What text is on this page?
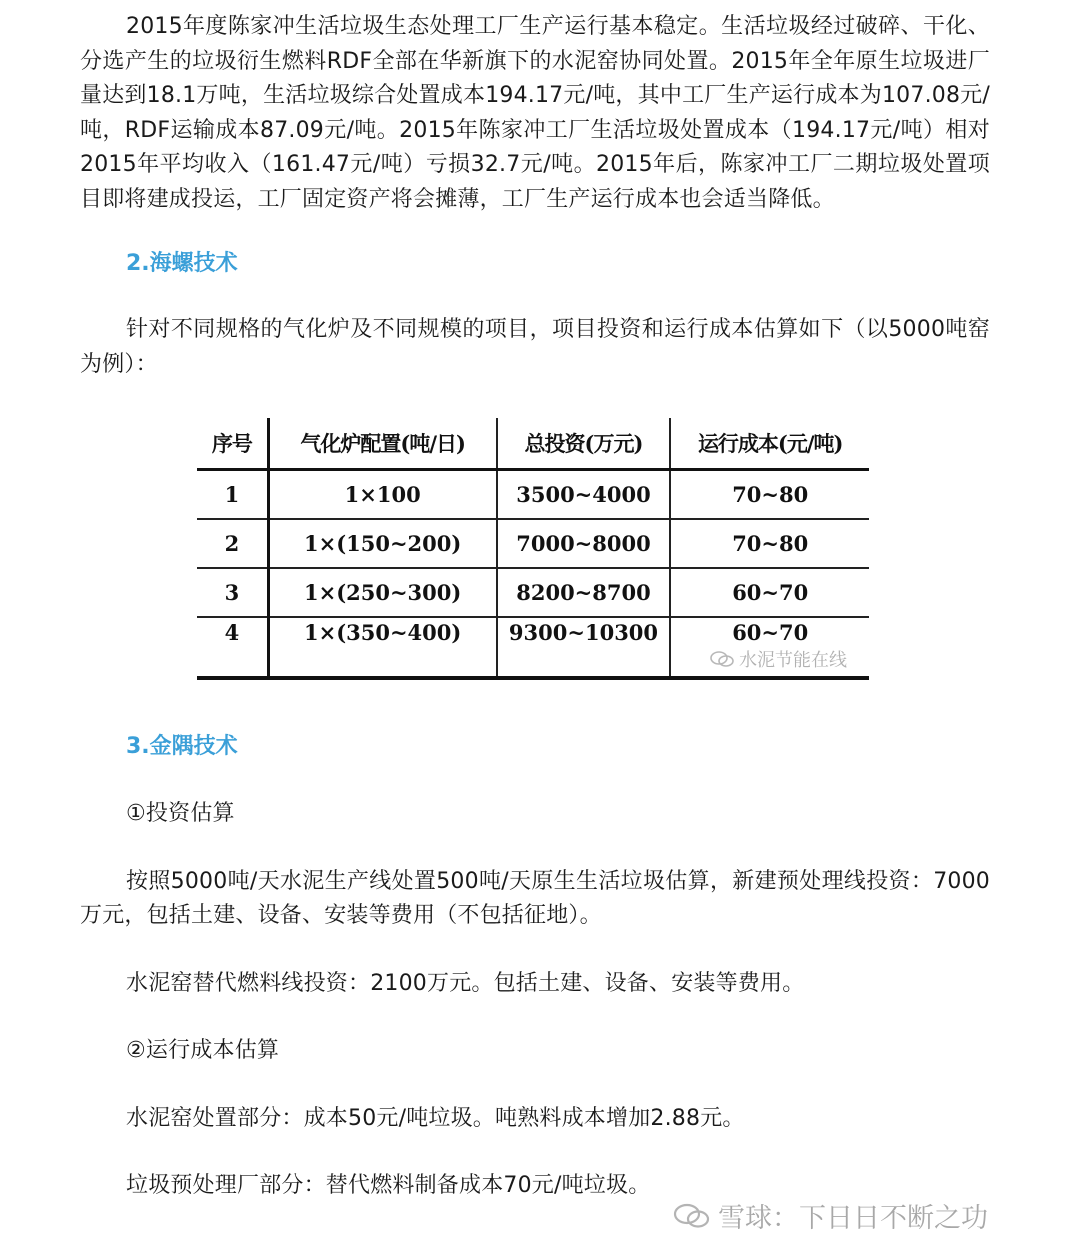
2015年度陈家冲生活垃圾生态处理工厂生产运行基本稳定。生活垃圾经过破碎、干化、分选产生的垃圾衍生燃料RDF全部在华新旗下的水泥窑协同处置。2015年全年原生垃圾进厂量达到18.1万吨，生活垃圾综合处置成本194.17元/吨，其中工厂生产运行成本为107.08元/吨，RDF运输成本87.09元/吨。2015年陈家冲工厂生活垃圾处置成本（194.17元/吨）相对2015年平均收入（161.47元/吨）亏损32.7元/吨。2015年后，陈家冲工厂二期垃圾处置项目即将建成投运，工厂固定资产将会摊薄，工厂生产运行成本也会适当降低。

2.海螺技术

针对不同规格的气化炉及不同规模的项目，项目投资和运行成本估算如下（以5000吨窑为例）：

序号	气化炉配置(吨/日)	总投资(万元)	运行成本(元/吨)
1	1×100	3500~4000	70~80
2	1×(150~200)	7000~8000	70~80
3	1×(250~300)	8200~8700	60~70
4	1×(350~400)	9300~10300	60~70
水泥节能在线
3.金隅技术

①投资估算

按照5000吨/天水泥生产线处置500吨/天原生生活垃圾估算，新建预处理线投资：7000万元，包括土建、设备、安装等费用（不包括征地）。

水泥窑替代燃料线投资：2100万元。包括土建、设备、安装等费用。

②运行成本估算

水泥窑处置部分：成本50元/吨垃圾。吨熟料成本增加2.88元。

垃圾预处理厂部分：替代燃料制备成本70元/吨垃圾。

雪球：下日日不断之功
